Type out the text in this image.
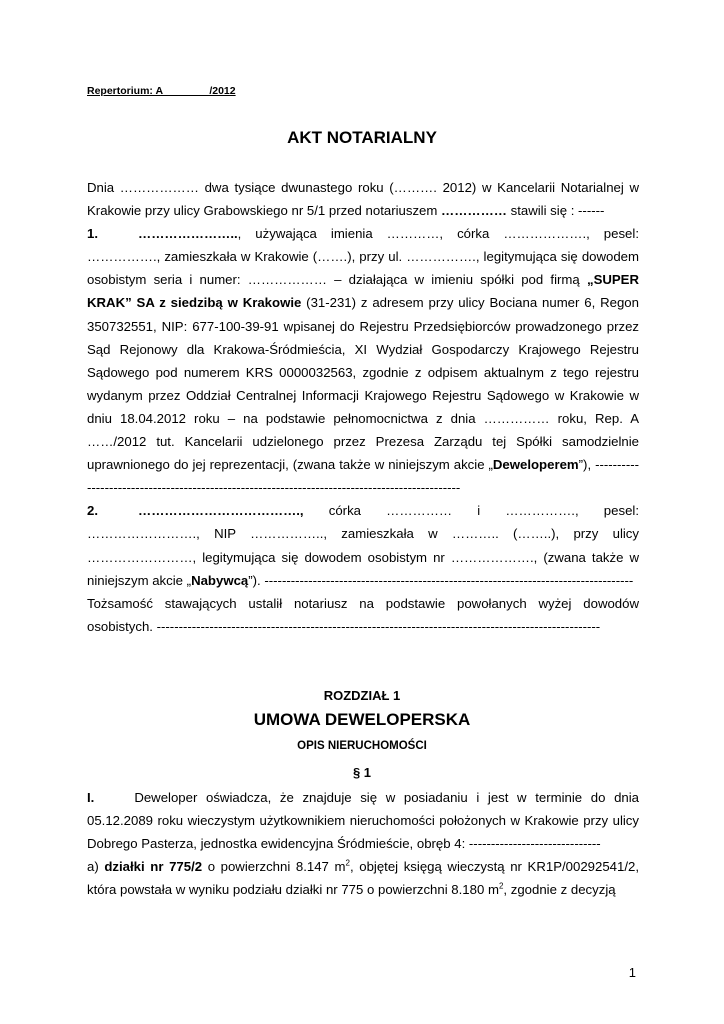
Repertorium: A                /2012
AKT NOTARIALNY

Dnia ……………… dwa tysiące dwunastego roku (………. 2012) w Kancelarii Notarialnej w Krakowie przy ulicy Grabowskiego nr 5/1 przed notariuszem …………… stawili się : ------

1.	………………….., używająca imienia …………, córka ………………., pesel: ……………., zamieszkała w Krakowie (…….), przy ul. ……………., legitymująca się dowodem osobistym seria i numer: ……………… – działająca w imieniu spółki pod firmą „SUPER KRAK” SA z siedzibą w Krakowie (31-231) z adresem przy ulicy Bociana numer 6, Regon 350732551, NIP: 677-100-39-91 wpisanej do Rejestru Przedsiębiorców prowadzonego przez Sąd Rejonowy dla Krakowa-Śródmieścia, XI Wydział Gospodarczy Krajowego Rejestru Sądowego pod numerem KRS 0000032563, zgodnie z odpisem aktualnym z tego rejestru wydanym przez Oddział Centralnej Informacji Krajowego Rejestru Sądowego w Krakowie w dniu 18.04.2012 roku – na podstawie pełnomocnictwa z dnia …………… roku, Rep. A ……/2012 tut. Kancelarii udzielonego przez Prezesa Zarządu tej Spółki samodzielnie uprawnionego do jej reprezentacji, (zwana także w niniejszym akcie „Deweloperem”), -----------------------------------------------------------------------------------------------

2.	………………………………., córka …………… i ……………., pesel: ……………………., NIP …………….., zamieszkała w ……….. (……..), przy ulicy ……………………, legitymująca się dowodem osobistym nr ………………., (zwana także w niniejszym akcie „Nabywcą”). ------------------------------------------------------------------------------------

Tożsamość stawających ustalił notariusz na podstawie powołanych wyżej dowodów osobistych. -----------------------------------------------------------------------------------------------------

ROZDZIAŁ 1
UMOWA DEWELOPERSKA
OPIS NIERUCHOMOŚCI
§ 1

I.	Deweloper oświadcza, że znajduje się w posiadaniu i jest w terminie do dnia 05.12.2089 roku wieczystym użytkownikiem nieruchomości położonych w Krakowie przy ulicy Dobrego Pasterza, jednostka ewidencyjna Śródmieście, obręb 4: ------------------------------

a) działki nr 775/2 o powierzchni 8.147 $m^2$, objętej księgą wieczystą nr KR1P/00292541/2, która powstała w wyniku podziału działki nr 775 o powierzchni 8.180 $m^2$, zgodnie z decyzją

1
